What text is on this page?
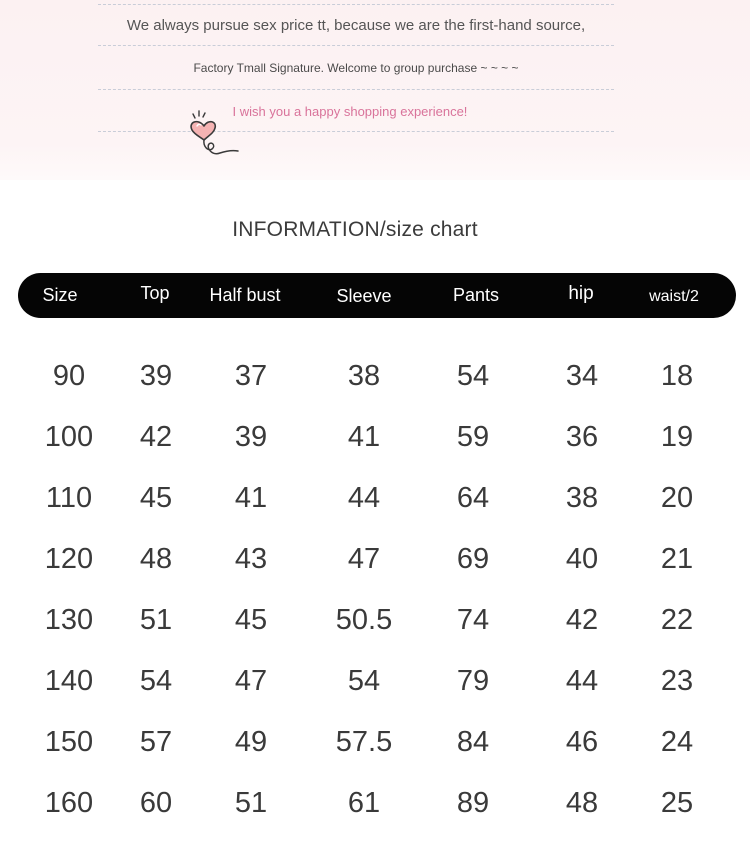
We always pursue sex price tt, because we are the first-hand source,
Factory Tmall Signature. Welcome to group purchase ~ ~ ~ ~
I wish you a happy shopping experience!
INFORMATION/size chart
Size	Top	Half bust	Sleeve	Pants	hip	waist/2
90	39	37	38	54	34	18
100	42	39	41	59	36	19
110	45	41	44	64	38	20
120	48	43	47	69	40	21
130	51	45	50.5	74	42	22
140	54	47	54	79	44	23
150	57	49	57.5	84	46	24
160	60	51	61	89	48	25
